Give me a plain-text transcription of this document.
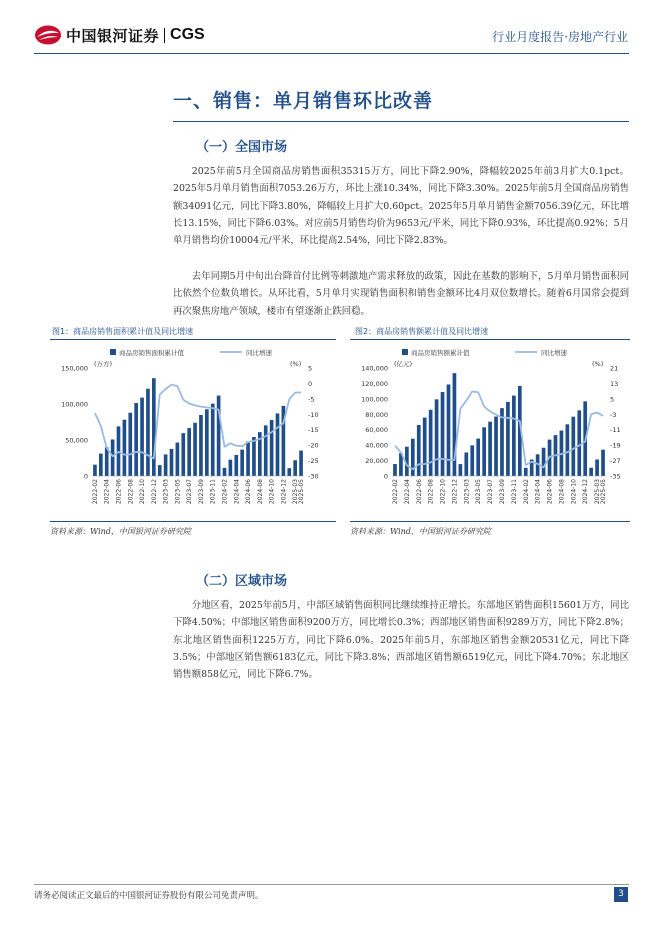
中国银河证券 CGS	行业月度报告·房地产行业
一、销售：单月销售环比改善
（一）全国市场
2025年前5月全国商品房销售面积35315万方，同比下降2.90%，降幅较2025年前3月扩大0.1pct。2025年5月单月销售面积7053.26万方，环比上涨10.34%，同比下降3.30%。2025年前5月全国商品房销售额34091亿元，同比下降3.80%，降幅较上月扩大0.60pct。2025年5月单月销售金额7056.39亿元，环比增长13.15%，同比下降6.03%。对应前5月销售均价为9653元/平米，同比下降0.93%，环比提高0.92%；5月单月销售均价10004元/平米，环比提高2.54%，同比下降2.83%。
去年同期5月中旬出台降首付比例等刺激地产需求释放的政策，因此在基数的影响下，5月单月销售面积同比依然个位数负增长。从环比看，5月单月实现销售面积和销售金额环比4月双位数增长。随着6月国常会提到再次聚焦房地产领域，楼市有望逐渐止跌回稳。
图1：商品房销售面积累计值及同比增速
商品房销售面积累计值	同比增速
(万方)	(%)
150,000
100,000
50,000
0
5
0
-5
-10
-15
-20
-25
-30
2022-02 2022-04 2022-06 2022-08 2022-10 2022-12 2023-03 2023-05 2023-07 2023-09 2023-11 2024-02 2024-04 2024-06 2024-08 2024-10 2024-12 2025-03
2025-05
资料来源：Wind，中国银河证券研究院
图2：商品房销售额累计值及同比增速
商品房销售额累计值	同比增速
(亿元)	(%)
140,000
120,000
100,000
80,000
60,000
40,000
20,000
0
21
13
5
-3
-11
-19
-27
-35
2022-02 2022-04 2022-06 2022-08 2022-10 2022-12 2023-03 2023-05 2023-07 2023-09 2023-11 2024-02 2024-04 2024-06 2024-08 2024-10 2024-12 2025-03
2025-05
资料来源：Wind，中国银河证券研究院
（二）区域市场
分地区看，2025年前5月，中部区域销售面积同比继续维持正增长。东部地区销售面积15601万方，同比下降4.50%；中部地区销售面积9200万方，同比增长0.3%；西部地区销售面积9289万方，同比下降2.8%；东北地区销售面积1225万方，同比下降6.0%。2025年前5月，东部地区销售金额20531亿元，同比下降3.5%；中部地区销售额6183亿元，同比下降3.8%；西部地区销售额6519亿元，同比下降4.70%；东北地区销售额858亿元，同比下降6.7%。
请务必阅读正文最后的中国银河证券股份有限公司免责声明。	3
